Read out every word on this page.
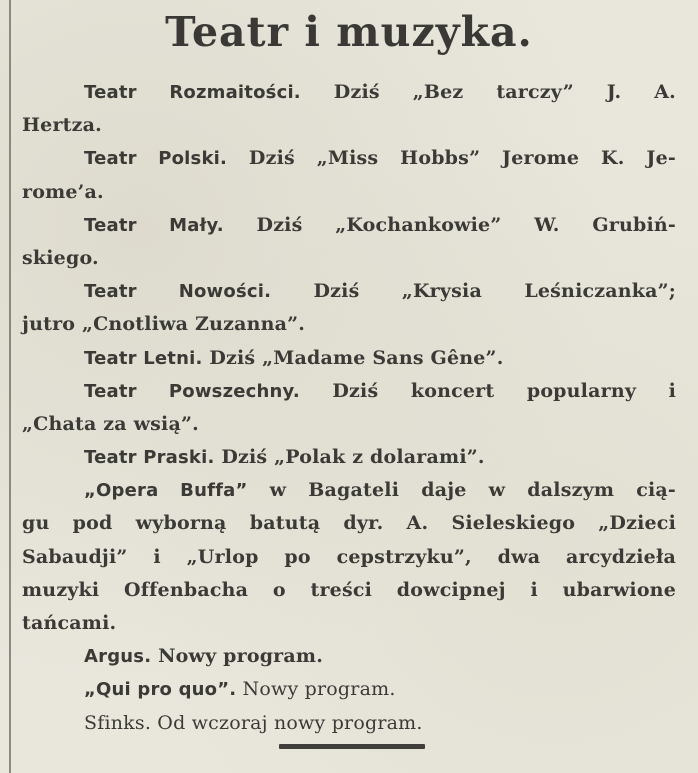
Teatr i muzyka.
Teatr Rozmaitości. Dziś „Bez tarczy” J. A.
Hertza.
Teatr Polski. Dziś „Miss Hobbs” Jerome K. Je-
rome’a.
Teatr Mały. Dziś „Kochankowie” W. Grubiń-
skiego.
Teatr Nowości. Dziś „Krysia Leśniczanka”;
jutro „Cnotliwa Zuzanna”.
Teatr Letni. Dziś „Madame Sans Gêne”.
Teatr Powszechny. Dziś koncert popularny i
„Chata za wsią”.
Teatr Praski. Dziś „Polak z dolarami”.
„Opera Buffa” w Bagateli daje w dalszym cią-
gu pod wyborną batutą dyr. A. Sieleskiego „Dzieci
Sabaudji” i „Urlop po cepstrzyku”, dwa arcydzieła
muzyki Offenbacha o treści dowcipnej i ubarwione
tańcami.
Argus. Nowy program.
„Qui pro quo”. Nowy program.
Sfinks. Od wczoraj nowy program.
